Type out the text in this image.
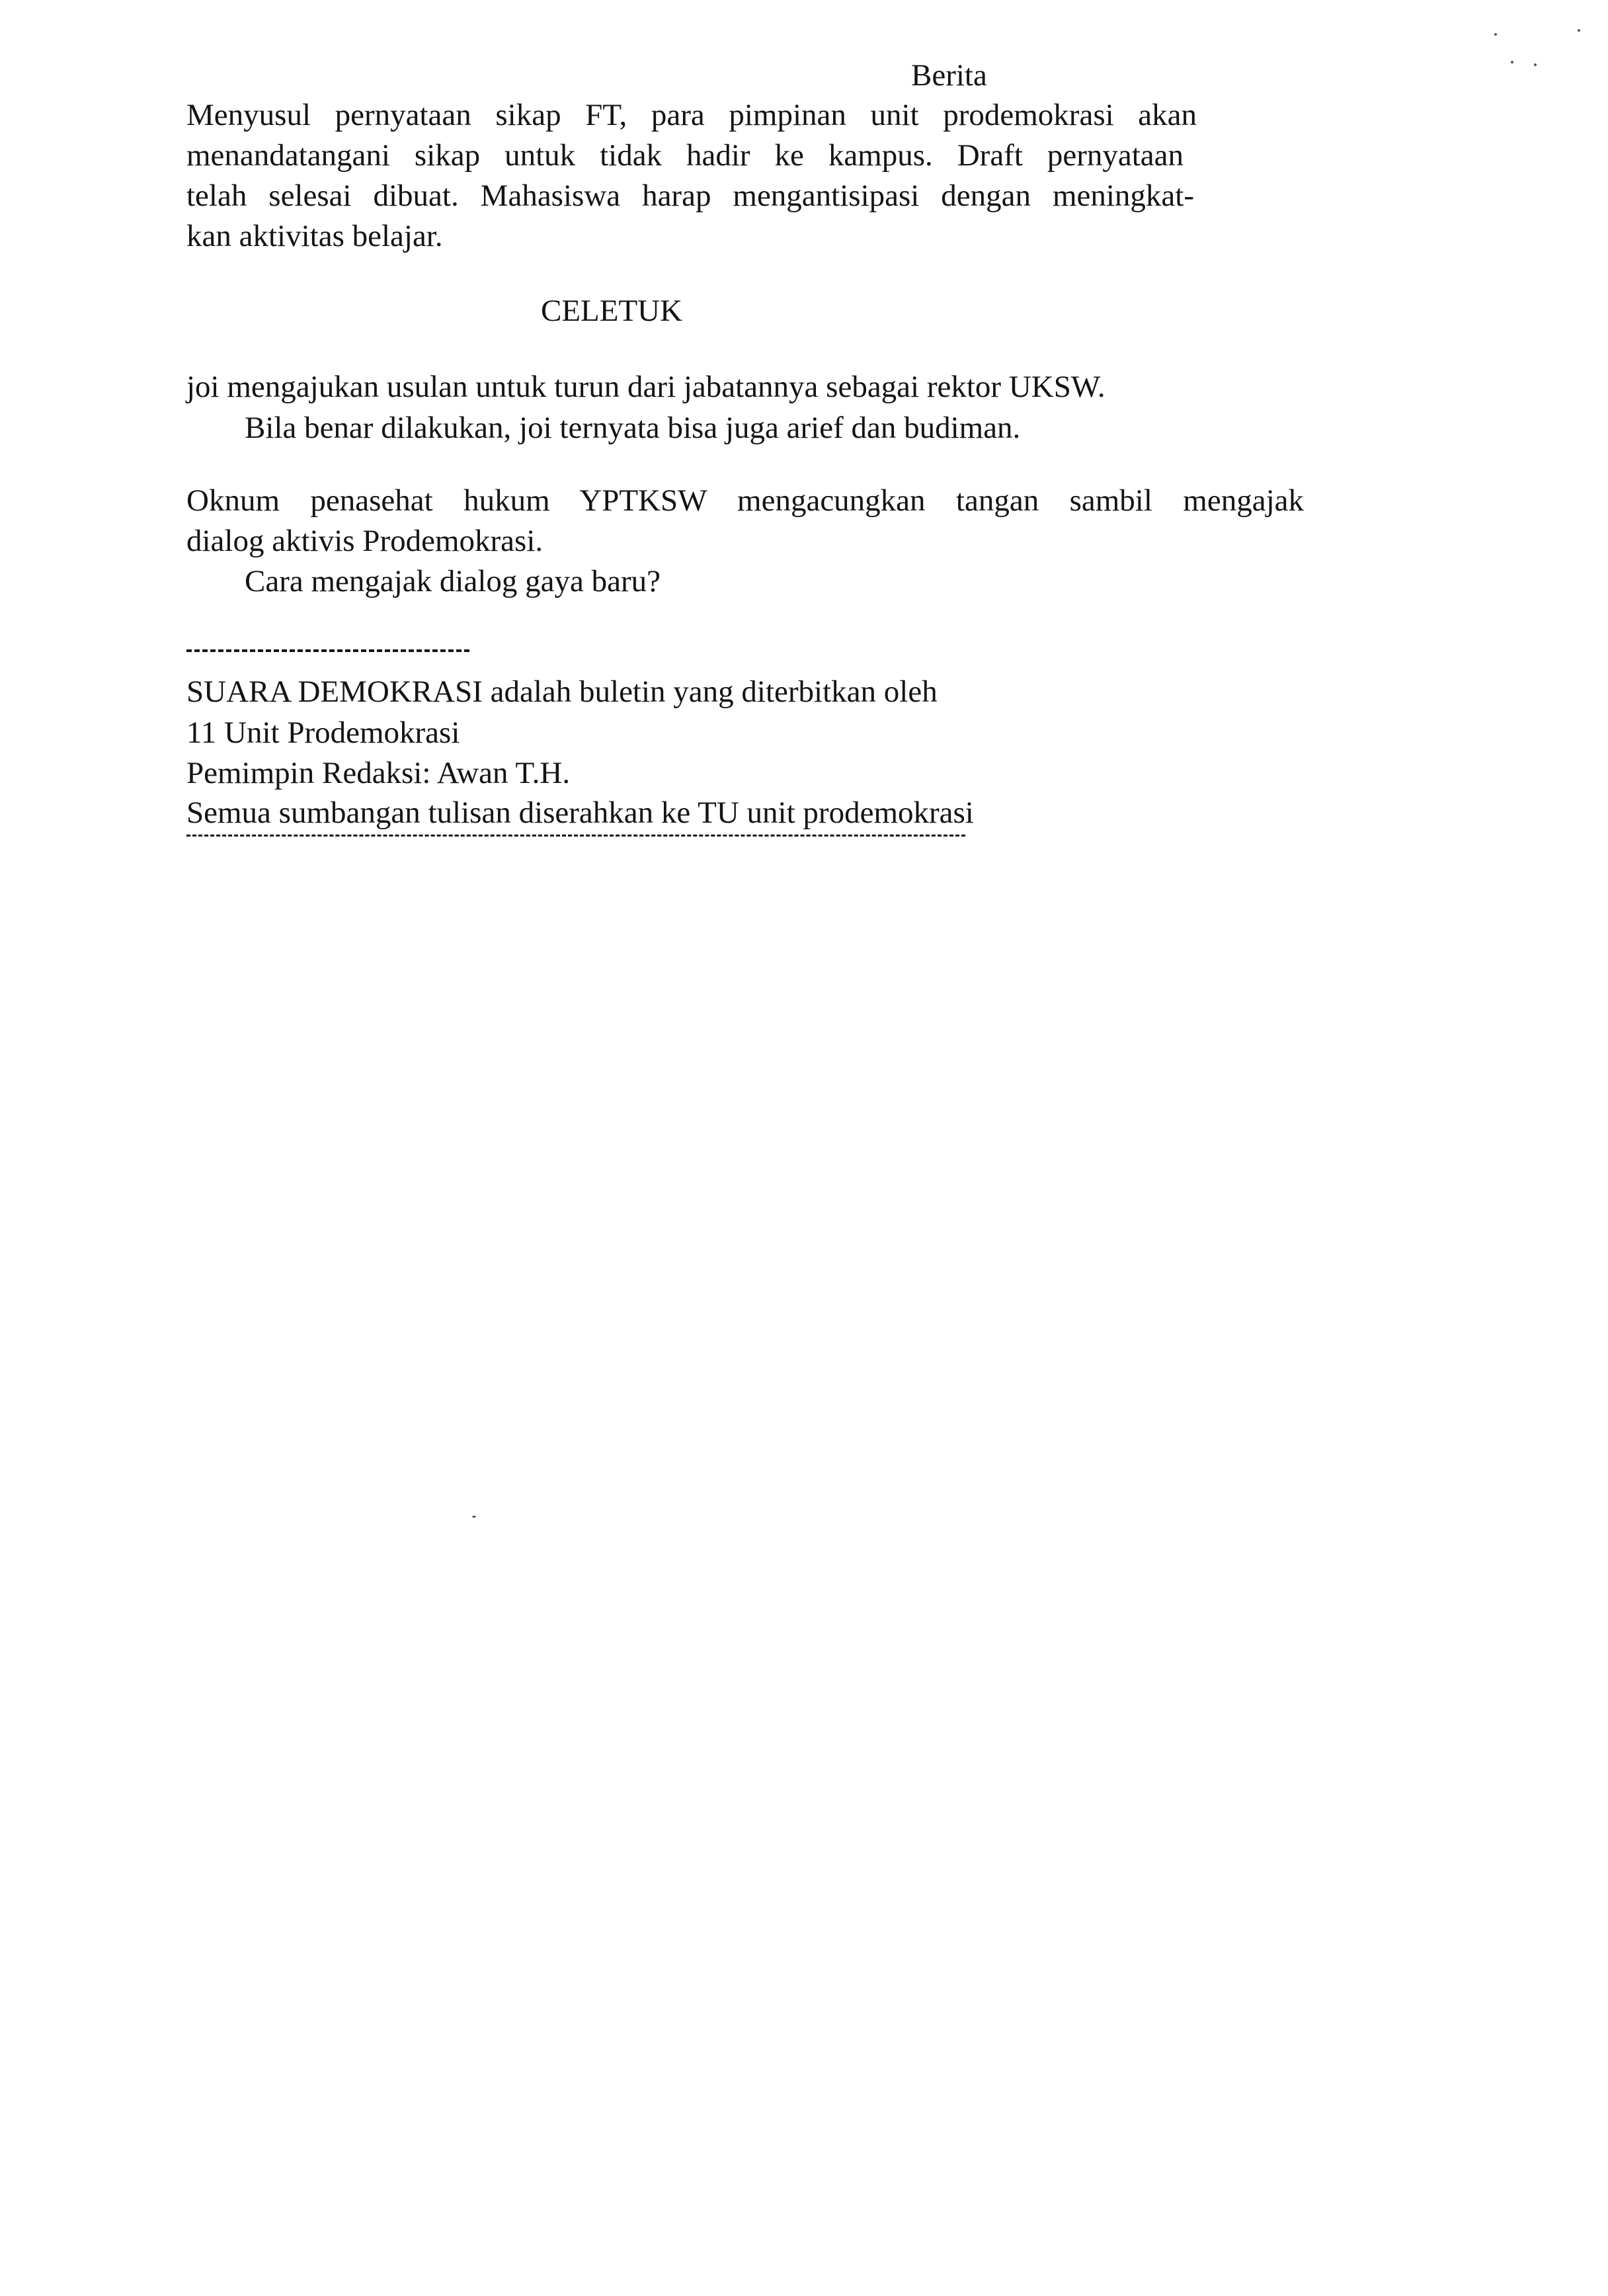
Berita

Menyusul pernyataan sikap FT, para pimpinan unit prodemokrasi akan

menandatangani sikap untuk tidak hadir ke kampus. Draft pernyataan

telah selesai dibuat. Mahasiswa harap mengantisipasi dengan meningkat-

kan aktivitas belajar.

CELETUK

joi mengajukan usulan untuk turun dari jabatannya sebagai rektor UKSW.

Bila benar dilakukan, joi ternyata bisa juga arief dan budiman.

Oknum penasehat hukum YPTKSW mengacungkan tangan sambil mengajak

dialog aktivis Prodemokrasi.

Cara mengajak dialog gaya baru?

SUARA DEMOKRASI adalah buletin yang diterbitkan oleh

11 Unit Prodemokrasi

Pemimpin Redaksi: Awan T.H.

Semua sumbangan tulisan diserahkan ke TU unit prodemokrasi
